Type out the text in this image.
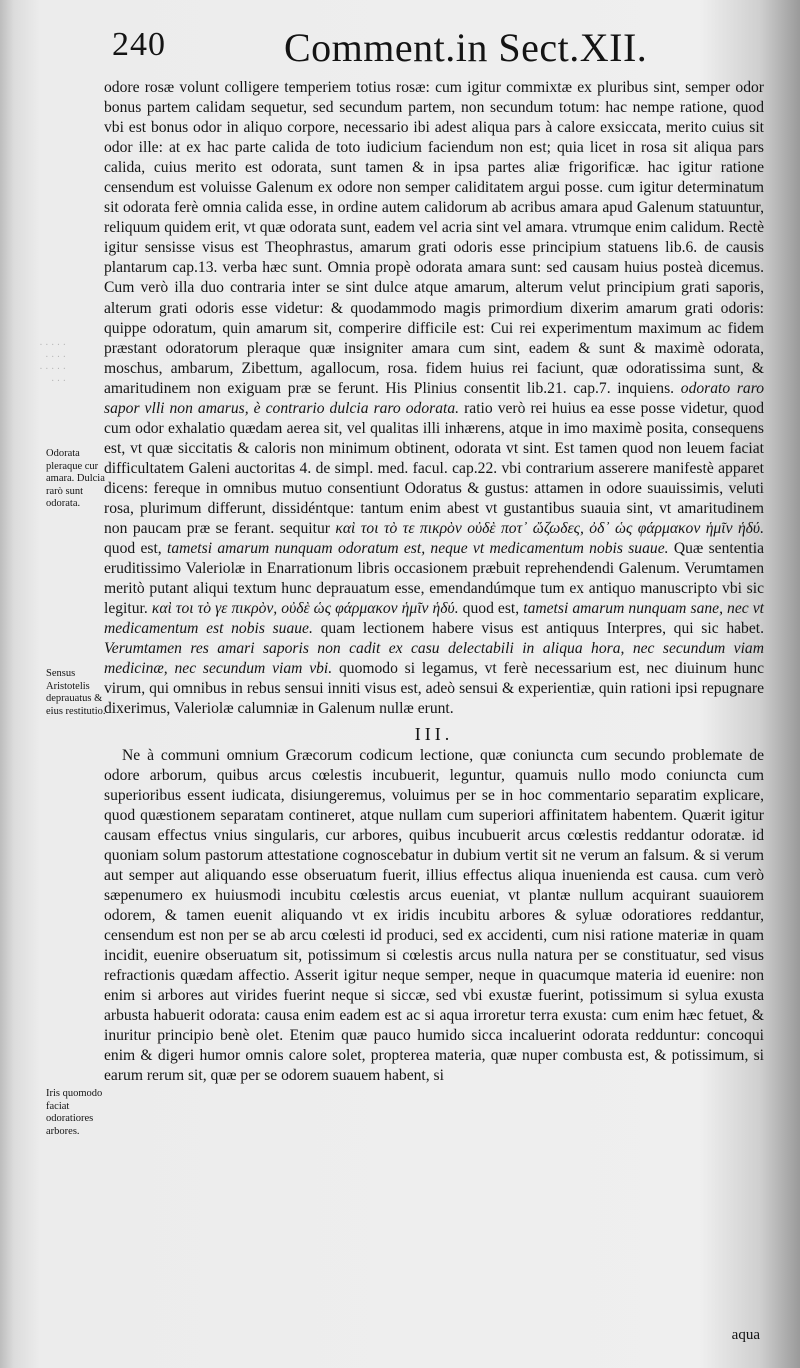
· · · · ·
· · · ·
· · · · ·
· · ·
240	Comment.in Sect.XII.
Odorata pleraque cur amara. Dulcia rarò sunt odorata.
Sensus Aristotelis deprauatus & eius restitutio.
Iris quomodo faciat odoratiores arbores.

odore rosæ volunt colligere temperiem totius rosæ: cum igitur commixtæ ex pluribus sint, semper odor bonus partem calidam sequetur, sed secundum partem, non secundum totum: hac nempe ratione, quod vbi est bonus odor in aliquo corpore, necessario ibi adest aliqua pars à calore exsiccata, merito cuius sit odor ille: at ex hac parte calida de toto iudicium faciendum non est; quia licet in rosa sit aliqua pars calida, cuius merito est odorata, sunt tamen & in ipsa partes aliæ frigorificæ. hac igitur ratione censendum est voluisse Galenum ex odore non semper caliditatem argui posse. cum igitur determinatum sit odorata ferè omnia calida esse, in ordine autem calidorum ab acribus amara apud Galenum statuuntur, reliquum quidem erit, vt quæ odorata sunt, eadem vel acria sint vel amara. vtrumque enim calidum. Rectè igitur sensisse visus est Theophrastus, amarum grati odoris esse principium statuens lib.6. de causis plantarum cap.13. verba hæc sunt. Omnia propè odorata amara sunt: sed causam huius posteà dicemus. Cum verò illa duo contraria inter se sint dulce atque amarum, alterum velut principium grati saporis, alterum grati odoris esse videtur: & quodammodo magis primordium dixerim amarum grati odoris: quippe odoratum, quin amarum sit, comperire difficile est: Cui rei experimentum maximum ac fidem præstant odoratorum pleraque quæ insigniter amara cum sint, eadem & sunt & maximè odorata, moschus, ambarum, Zibettum, agallocum, rosa. fidem huius rei faciunt, quæ odoratissima sunt, & amaritudinem non exiguam præ se ferunt. His Plinius consentit lib.21. cap.7. inquiens. odorato raro sapor vlli non amarus, è contrario dulcia raro odorata. ratio verò rei huius ea esse posse videtur, quod cum odor exhalatio quædam aerea sit, vel qualitas illi inhærens, atque in imo maximè posita, consequens est, vt quæ siccitatis & caloris non minimum obtinent, odorata vt sint. Est tamen quod non leuem faciat difficultatem Galeni auctoritas 4. de simpl. med. facul. cap.22. vbi contrarium asserere manifestè apparet dicens: fereque in omnibus mutuo consentiunt Odoratus & gustus: attamen in odore suauissimis, veluti rosa, plurimum differunt, dissidéntque: tantum enim abest vt gustantibus suauia sint, vt amaritudinem non paucam præ se ferant. sequitur καὶ τοι τὸ τε πικρὸν οὐδὲ ποτ᾽ ὤζωδες, ὀδ᾽ ὡς φάρμακον ἡμῖν ἡδύ. quod est, tametsi amarum nunquam odoratum est, neque vt medicamentum nobis suaue. Quæ sententia eruditissimo Valeriolæ in Enarrationum libris occasionem præbuit reprehendendi Galenum. Verumtamen meritò putant aliqui textum hunc deprauatum esse, emendandúmque tum ex antiquo manuscripto vbi sic legitur. καὶ τοι τὸ γε πικρὸν, οὐδὲ ὡς φάρμακον ἡμῖν ἡδύ. quod est, tametsi amarum nunquam sane, nec vt medicamentum est nobis suaue. quam lectionem habere visus est antiquus Interpres, qui sic habet. Verumtamen res amari saporis non cadit ex casu delectabili in aliqua hora, nec secundum viam medicinæ, nec secundum viam vbi. quomodo si legamus, vt ferè necessarium est, nec diuinum hunc virum, qui omnibus in rebus sensui inniti visus est, adeò sensui & experientiæ, quin rationi ipsi repugnare dixerimus, Valeriolæ calumniæ in Galenum nullæ erunt.

III.

Ne à communi omnium Græcorum codicum lectione, quæ coniuncta cum secundo problemate de odore arborum, quibus arcus cœlestis incubuerit, leguntur, quamuis nullo modo coniuncta cum superioribus essent iudicata, disiungeremus, voluimus per se in hoc commentario separatim explicare, quod quæstionem separatam contineret, atque nullam cum superiori affinitatem habentem. Quærit igitur causam effectus vnius singularis, cur arbores, quibus incubuerit arcus cœlestis reddantur odoratæ. id quoniam solum pastorum attestatione cognoscebatur in dubium vertit sit ne verum an falsum. & si verum aut semper aut aliquando esse obseruatum fuerit, illius effectus aliqua inuenienda est causa. cum verò sæpenumero ex huiusmodi incubitu cœlestis arcus eueniat, vt plantæ nullum acquirant suauiorem odorem, & tamen euenit aliquando vt ex iridis incubitu arbores & syluæ odoratiores reddantur, censendum est non per se ab arcu cœlesti id produci, sed ex accidenti, cum nisi ratione materiæ in quam incidit, euenire obseruatum sit, potissimum si cœlestis arcus nulla natura per se constituatur, sed visus refractionis quædam affectio. Asserit igitur neque semper, neque in quacumque materia id euenire: non enim si arbores aut virides fuerint neque si siccæ, sed vbi exustæ fuerint, potissimum si sylua exusta arbusta habuerit odorata: causa enim eadem est ac si aqua irroretur terra exusta: cum enim hæc fetuet, & inuritur principio benè olet. Etenim quæ pauco humido sicca incaluerint odorata redduntur: concoqui enim & digeri humor omnis calore solet, propterea materia, quæ nuper combusta est, & potissimum, si earum rerum sit, quæ per se odorem suauem habent, si

aqua
